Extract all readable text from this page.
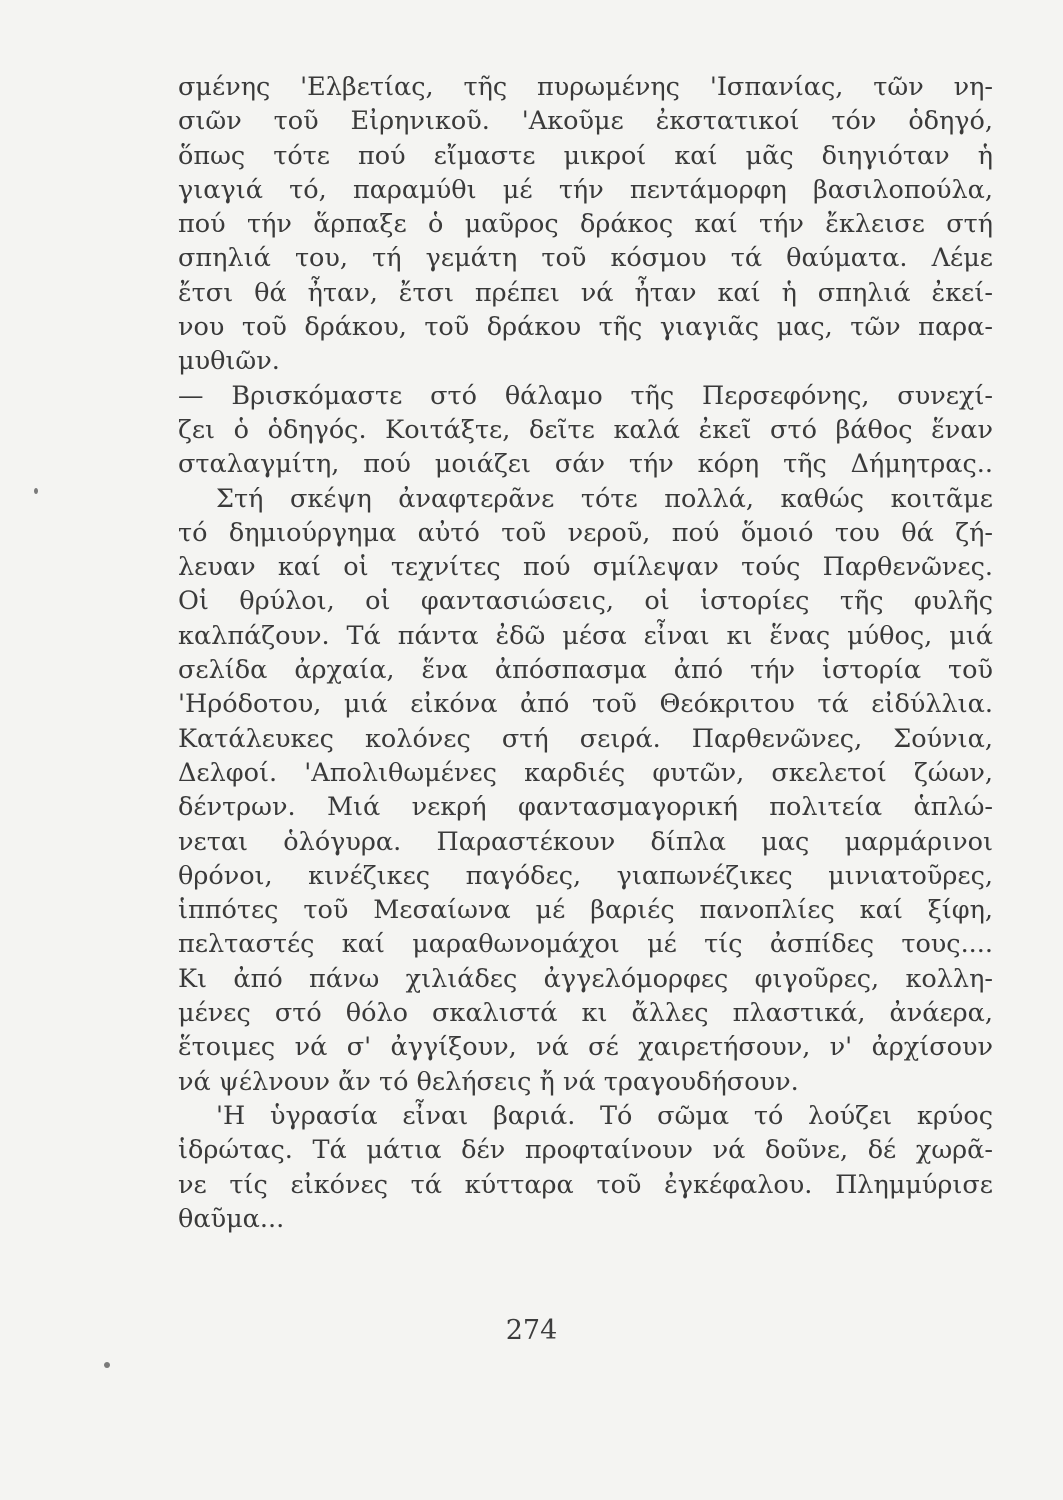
σμένης 'Ελβετίας, τῆς πυρωμένης 'Ισπανίας, τῶν νη-
σιῶν τοῦ Εἰρηνικοῦ. 'Ακοῦμε ἐκστατικοί τόν ὁδηγό,
ὅπως τότε πού εἴμαστε μικροί καί μᾶς διηγιόταν ἡ
γιαγιά τό, παραμύθι μέ τήν πεντάμορφη βασιλοπούλα,
πού τήν ἅρπαξε ὁ μαῦρος δράκος καί τήν ἔκλεισε στή
σπηλιά του, τή γεμάτη τοῦ κόσμου τά θαύματα. Λέμε
ἔτσι θά ἦταν, ἔτσι πρέπει νά ἦταν καί ἡ σπηλιά ἐκεί-
νου τοῦ δράκου, τοῦ δράκου τῆς γιαγιᾶς μας, τῶν παρα-
μυθιῶν.
— Βρισκόμαστε στό θάλαμο τῆς Περσεφόνης, συνεχί-
ζει ὁ ὁδηγός. Κοιτάξτε, δεῖτε καλά ἐκεῖ στό βάθος ἕναν
σταλαγμίτη, πού μοιάζει σάν τήν κόρη τῆς Δήμητρας..
Στή σκέψη ἀναφτερᾶνε τότε πολλά, καθώς κοιτᾶμε
τό δημιούργημα αὐτό τοῦ νεροῦ, πού ὅμοιό του θά ζή-
λευαν καί οἱ τεχνίτες πού σμίλεψαν τούς Παρθενῶνες.
Οἱ θρύλοι, οἱ φαντασιώσεις, οἱ ἱστορίες τῆς φυλῆς
καλπάζουν. Τά πάντα ἐδῶ μέσα εἶναι κι ἕνας μύθος, μιά
σελίδα ἀρχαία, ἕνα ἀπόσπασμα ἀπό τήν ἱστορία τοῦ
'Ηρόδοτου, μιά εἰκόνα ἀπό τοῦ Θεόκριτου τά εἰδύλλια.
Κατάλευκες κολόνες στή σειρά. Παρθενῶνες, Σούνια,
Δελφοί. 'Απολιθωμένες καρδιές φυτῶν, σκελετοί ζώων,
δέντρων. Μιά νεκρή φαντασμαγορική πολιτεία ἁπλώ-
νεται ὁλόγυρα. Παραστέκουν δίπλα μας μαρμάρινοι
θρόνοι, κινέζικες παγόδες, γιαπωνέζικες μινιατοῦρες,
ἱππότες τοῦ Μεσαίωνα μέ βαριές πανοπλίες καί ξίφη,
πελταστές καί μαραθωνομάχοι μέ τίς ἀσπίδες τους....
Κι ἀπό πάνω χιλιάδες ἀγγελόμορφες φιγοῦρες, κολλη-
μένες στό θόλο σκαλιστά κι ἄλλες πλαστικά, ἀνάερα,
ἕτοιμες νά σ' ἀγγίξουν, νά σέ χαιρετήσουν, ν' ἀρχίσουν
νά ψέλνουν ἄν τό θελήσεις ἤ νά τραγουδήσουν.
'Η ὑγρασία εἶναι βαριά. Τό σῶμα τό λούζει κρύος
ἱδρώτας. Τά μάτια δέν προφταίνουν νά δοῦνε, δέ χωρᾶ-
νε τίς εἰκόνες τά κύτταρα τοῦ ἐγκέφαλου. Πλημμύρισε
θαῦμα...
274
